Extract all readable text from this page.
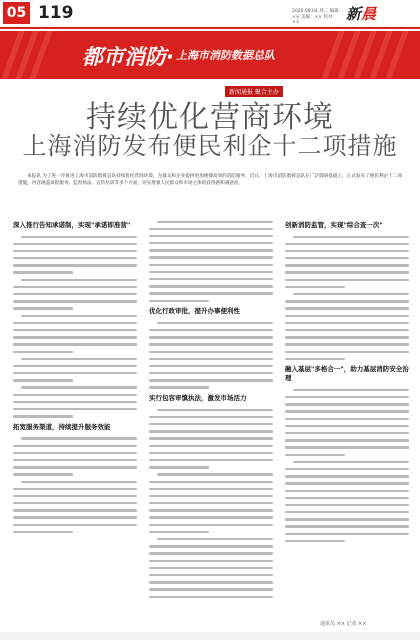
05 119	2020.08.04 周二 编辑：×× 美编：×× 校对：××	新晨
都市消防· 上海市消防数据总队
新闻通报 聚合主办
持续优化营商环境
上海消防发布便民利企十二项措施
本报讯 为了进一步推进上海市消防救援总队持续优化营商环境，为群众和企业提供更加便捷高效的消防服务，近日，上海市消防救援总队在广泛调研基础上，正式发布了便民利企十二项措施，内容涵盖审批服务、监督执法、宣传培训等多个方面，切实增强人民群众和市场主体的获得感和满意度。
深入推行告知承诺制，实现"承诺即准营"
拓宽服务渠道，持续提升服务效能
优化行政审批，提升办事便利性
实行包容审慎执法，激发市场活力
创新消防监管，实现"综合查一次"
融入基层"多格合一"，助力基层消防安全治理
通讯员 ×× 记者 ××
